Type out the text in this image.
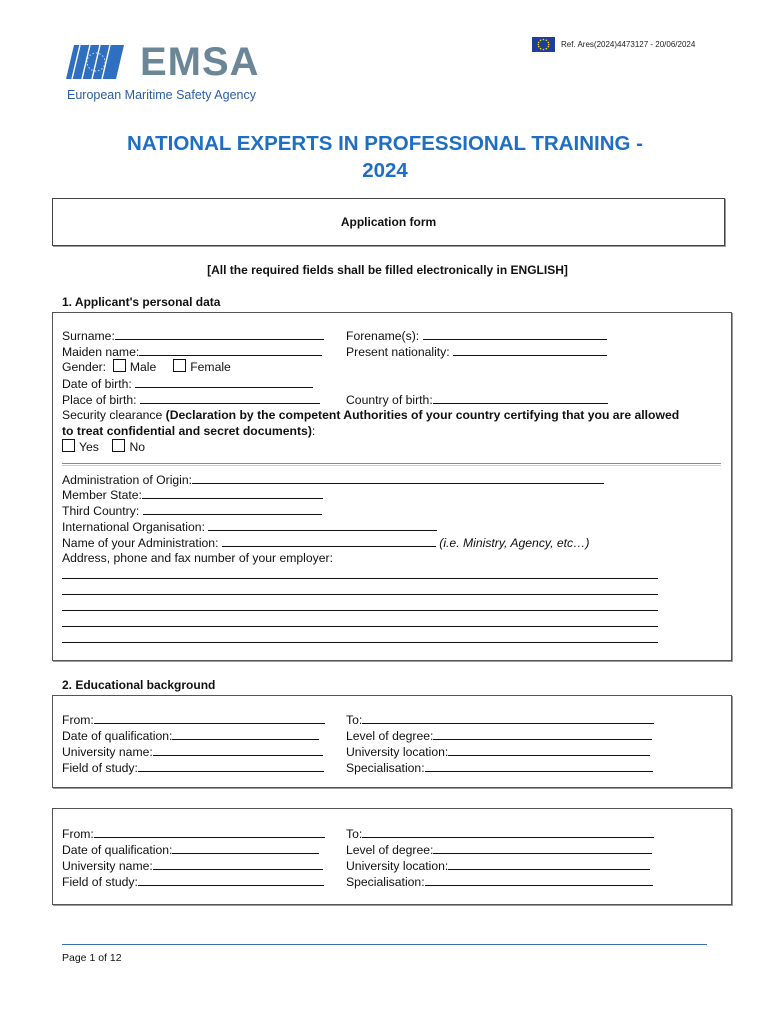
Ref. Ares(2024)4473127 - 20/06/2024
EMSA
European Maritime Safety Agency
NATIONAL EXPERTS IN PROFESSIONAL TRAINING -
2024
Application form
[All the required fields shall be filled electronically in ENGLISH]
1. Applicant's personal data
Surname:	Forename(s):
Maiden name:	Present nationality:
Gender: Male	Female
Date of birth:
Place of birth:	Country of birth:
Security clearance (Declaration by the competent Authorities of your country certifying that you are allowed
to treat confidential and secret documents):
Yes	No
Administration of Origin:
Member State:
Third Country:
International Organisation:
Name of your Administration:	(i.e. Ministry, Agency, etc…)
Address, phone and fax number of your employer:
2. Educational background
From:	To:
Date of qualification:	Level of degree:
University name:	University location:
Field of study:	Specialisation:
From:	To:
Date of qualification:	Level of degree:
University name:	University location:
Field of study:	Specialisation:
Page 1 of 12
